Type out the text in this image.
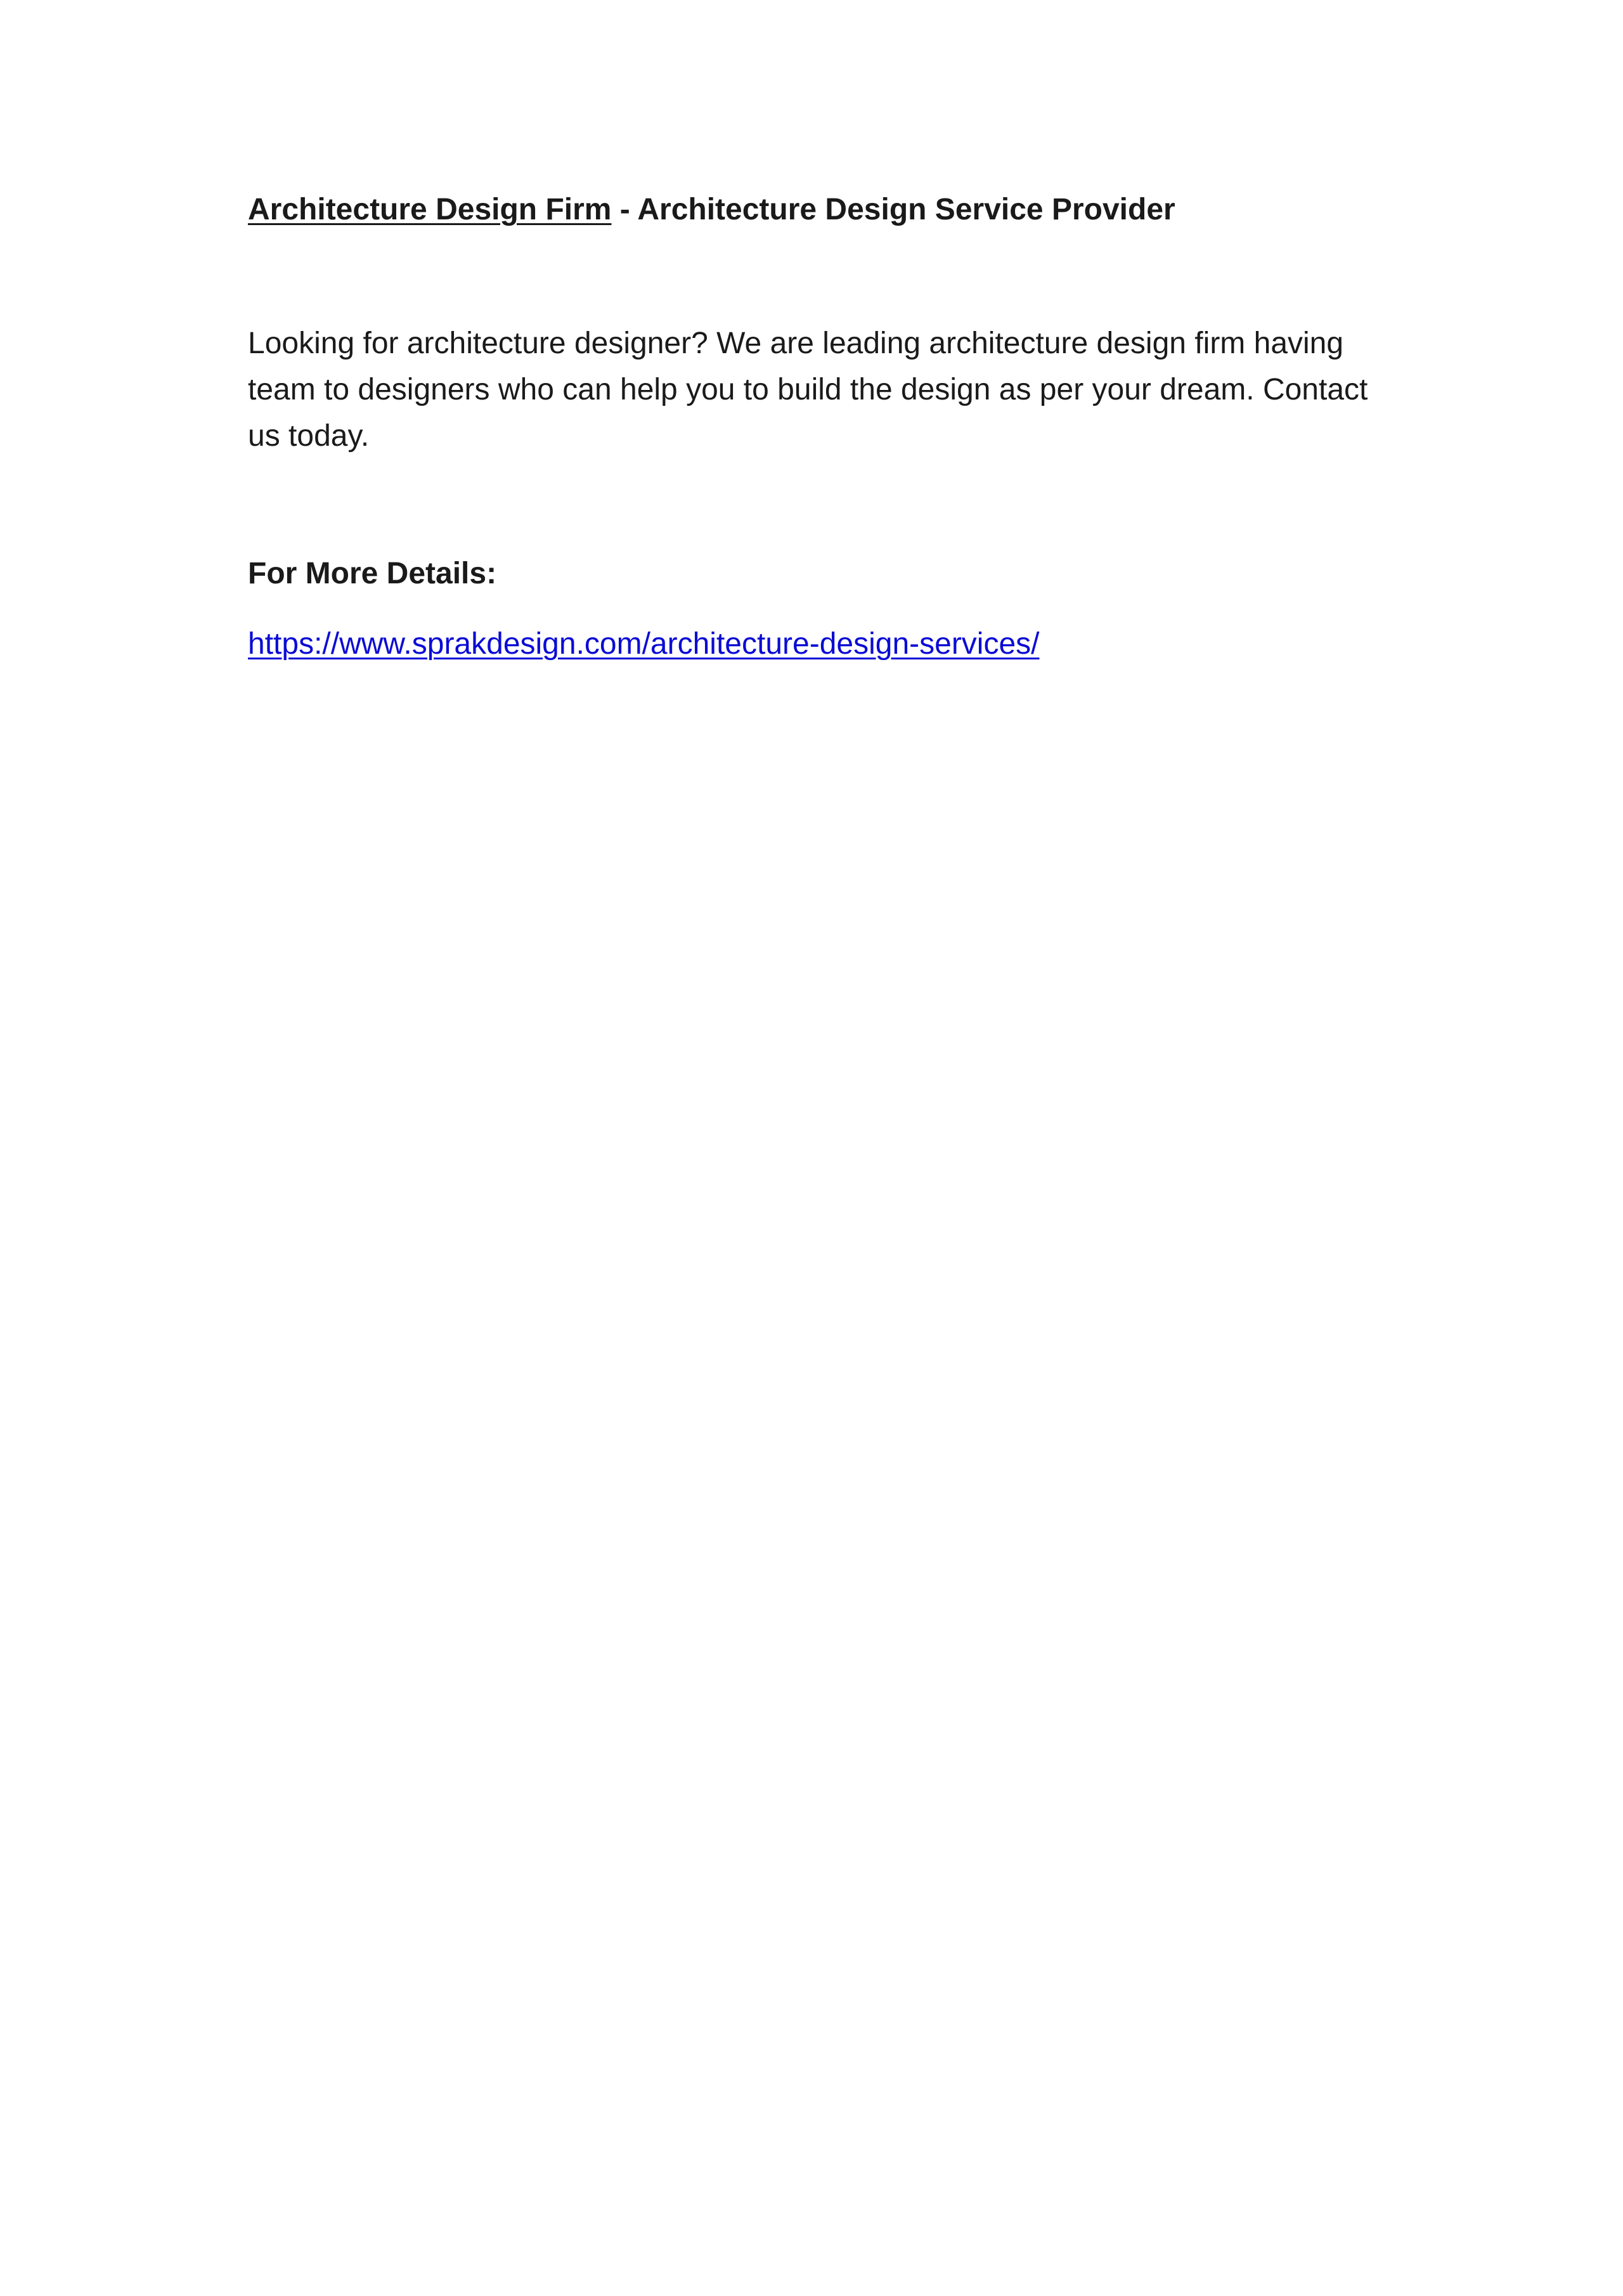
Architecture Design Firm - Architecture Design Service Provider

Looking for architecture designer? We are leading architecture design firm having team to designers who can help you to build the design as per your dream. Contact us today.

For More Details:

https://www.sprakdesign.com/architecture-design-services/
